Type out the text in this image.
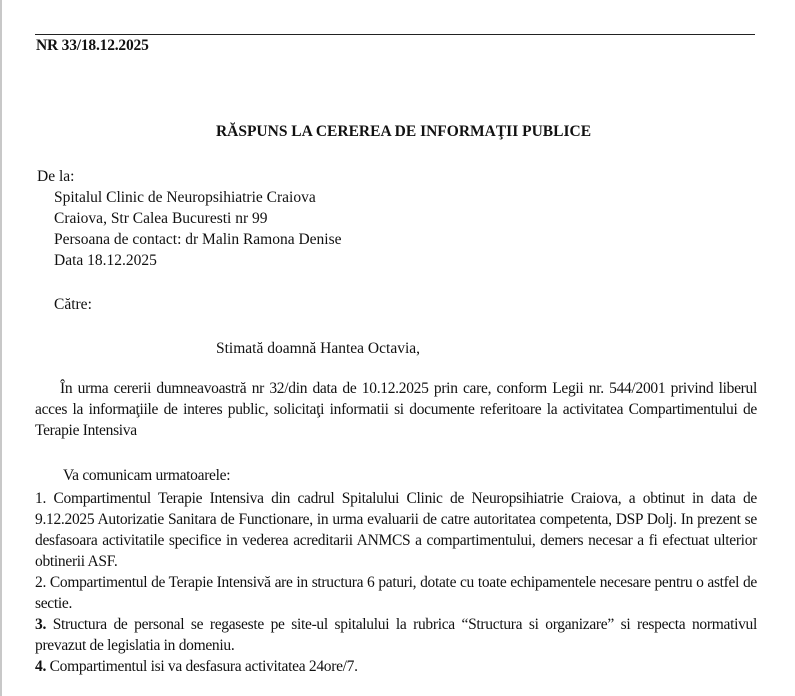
NR 33/18.12.2025
RĂSPUNS LA CEREREA DE INFORMAŢII PUBLICE
De la:
Spitalul Clinic de Neuropsihiatrie Craiova
Craiova, Str Calea Bucuresti nr 99
Persoana de contact: dr Malin Ramona Denise
Data 18.12.2025
Către:
Stimată doamnă Hantea Octavia,
În urma cererii dumneavoastră nr 32/din data de 10.12.2025 prin care, conform Legii nr. 544/2001 privind liberul acces la informaţiile de interes public, solicitaţi informatii si documente referitoare la activitatea Compartimentului de Terapie Intensiva
Va comunicam urmatoarele:

1. Compartimentul Terapie Intensiva din cadrul Spitalului Clinic de Neuropsihiatrie Craiova, a obtinut in data de 9.12.2025 Autorizatie Sanitara de Functionare, in urma evaluarii de catre autoritatea competenta, DSP Dolj. In prezent se desfasoara activitatile specifice in vederea acreditarii ANMCS a compartimentului, demers necesar a fi efectuat ulterior obtinerii ASF.

2. Compartimentul de Terapie Intensivă are in structura 6 paturi, dotate cu toate echipamentele necesare pentru o astfel de sectie.

3. Structura de personal se regaseste pe site-ul spitalului la rubrica “Structura si organizare” si respecta normativul prevazut de legislatia in domeniu.

4. Compartimentul isi va desfasura activitatea 24ore/7.
